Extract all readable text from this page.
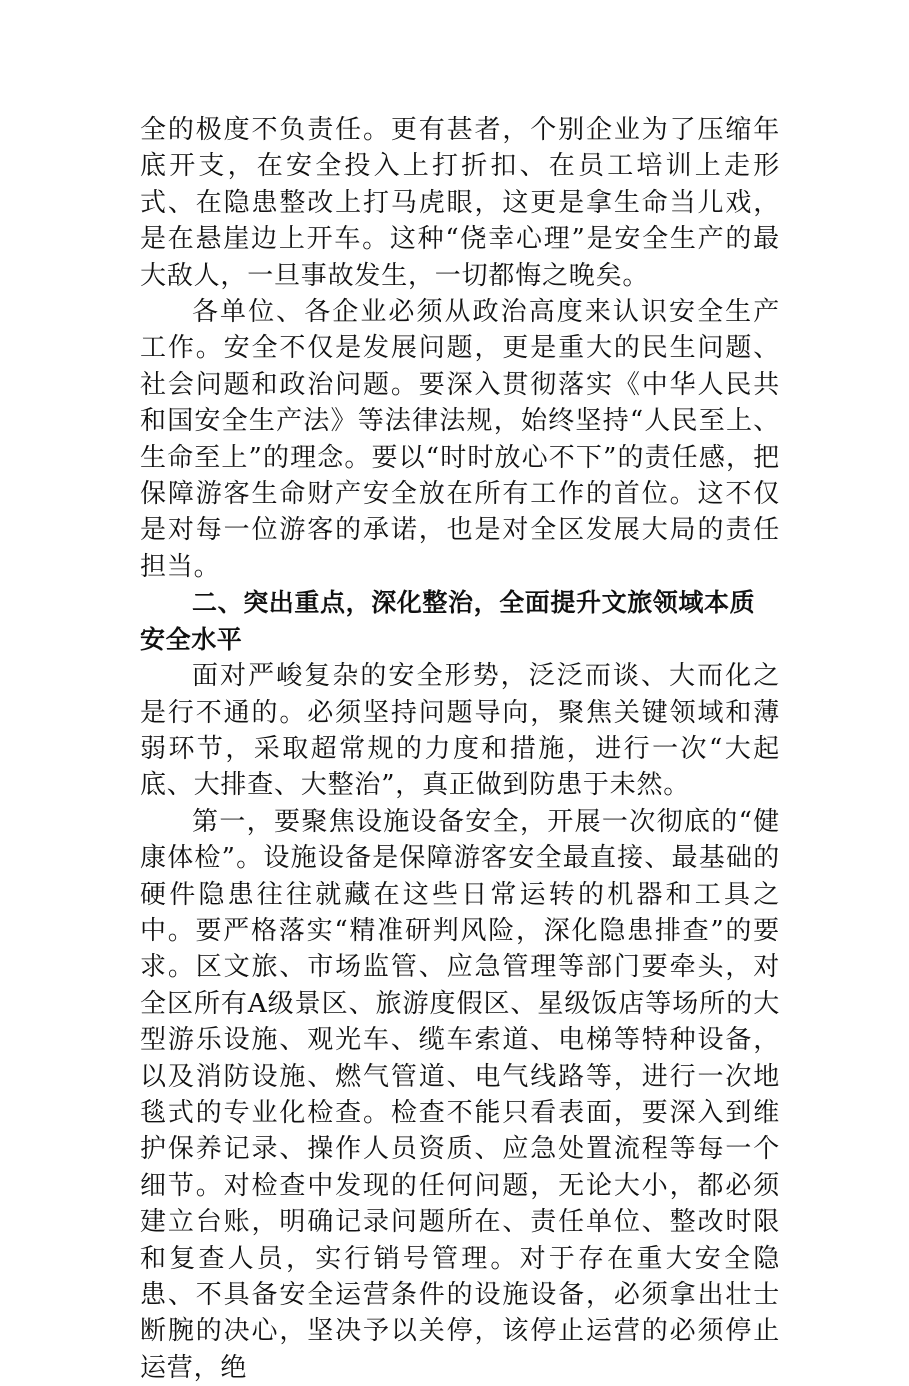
全的极度不负责任。更有甚者，个别企业为了压缩年底开支，在安全投入上打折扣、在员工培训上走形式、在隐患整改上打马虎眼，这更是拿生命当儿戏，是在悬崖边上开车。这种“侥幸心理”是安全生产的最大敌人，一旦事故发生，一切都悔之晚矣。

各单位、各企业必须从政治高度来认识安全生产工作。安全不仅是发展问题，更是重大的民生问题、社会问题和政治问题。要深入贯彻落实《中华人民共和国安全生产法》等法律法规，始终坚持“人民至上、生命至上”的理念。要以“时时放心不下”的责任感，把保障游客生命财产安全放在所有工作的首位。这不仅是对每一位游客的承诺，也是对全区发展大局的责任担当。

二、突出重点，深化整治，全面提升文旅领域本质安全水平

面对严峻复杂的安全形势，泛泛而谈、大而化之是行不通的。必须坚持问题导向，聚焦关键领域和薄弱环节，采取超常规的力度和措施，进行一次“大起底、大排查、大整治”，真正做到防患于未然。

第一，要聚焦设施设备安全，开展一次彻底的“健康体检”。设施设备是保障游客安全最直接、最基础的硬件隐患往往就藏在这些日常运转的机器和工具之中。要严格落实“精准研判风险，深化隐患排查”的要求。区文旅、市场监管、应急管理等部门要牵头，对全区所有A级景区、旅游度假区、星级饭店等场所的大型游乐设施、观光车、缆车索道、电梯等特种设备，以及消防设施、燃气管道、电气线路等，进行一次地毯式的专业化检查。检查不能只看表面，要深入到维护保养记录、操作人员资质、应急处置流程等每一个细节。对检查中发现的任何问题，无论大小，都必须建立台账，明确记录问题所在、责任单位、整改时限和复查人员，实行销号管理。对于存在重大安全隐患、不具备安全运营条件的设施设备，必须拿出壮士断腕的决心，坚决予以关停，该停止运营的必须停止运营，绝
